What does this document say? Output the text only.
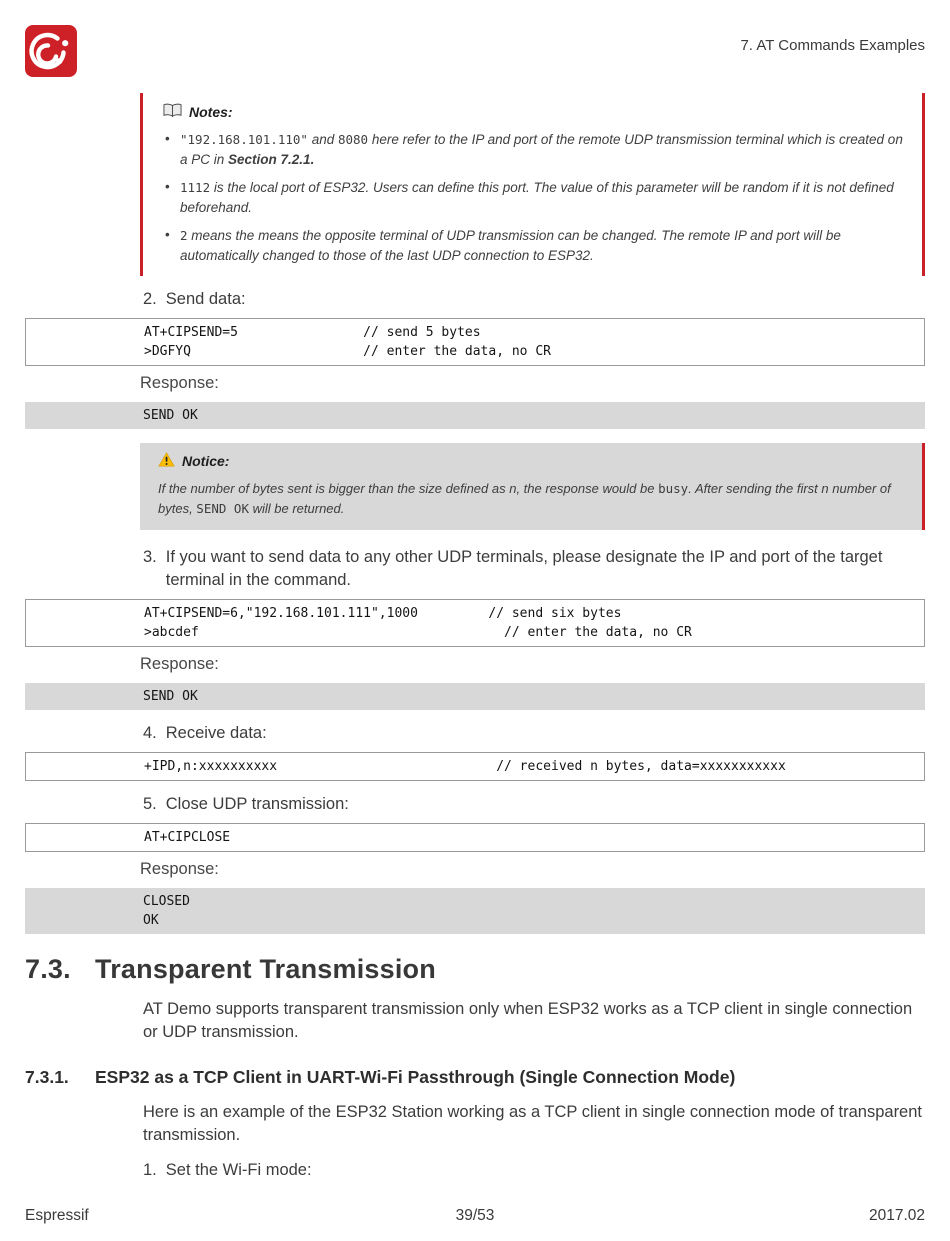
7. AT Commands Examples
Notes:
• "192.168.101.110" and 8080 here refer to the IP and port of the remote UDP transmission terminal which is created on a PC in Section 7.2.1.
• 1112 is the local port of ESP32. Users can define this port. The value of this parameter will be random if it is not defined beforehand.
• 2 means the means the opposite terminal of UDP transmission can be changed. The remote IP and port will be automatically changed to those of the last UDP connection to ESP32.
2. Send data:
AT+CIPSEND=5                // send 5 bytes
>DGFYQ                      // enter the data, no CR
Response:
SEND OK
Notice:
If the number of bytes sent is bigger than the size defined as n, the response would be busy. After sending the first n number of bytes, SEND OK will be returned.
3. If you want to send data to any other UDP terminals, please designate the IP and port of the target terminal in the command.
AT+CIPSEND=6,"192.168.101.111",1000         // send six bytes
>abcdef                                       // enter the data, no CR
Response:
SEND OK
4. Receive data:
+IPD,n:xxxxxxxxxx                            // received n bytes, data=xxxxxxxxxxx
5. Close UDP transmission:
AT+CIPCLOSE
Response:
CLOSED
OK
7.3. Transparent Transmission
AT Demo supports transparent transmission only when ESP32 works as a TCP client in single connection or UDP transmission.
7.3.1.	ESP32 as a TCP Client in UART-Wi-Fi Passthrough (Single Connection Mode)
Here is an example of the ESP32 Station working as a TCP client in single connection mode of transparent transmission.
1. Set the Wi-Fi mode:
Espressif	39/53	2017.02
